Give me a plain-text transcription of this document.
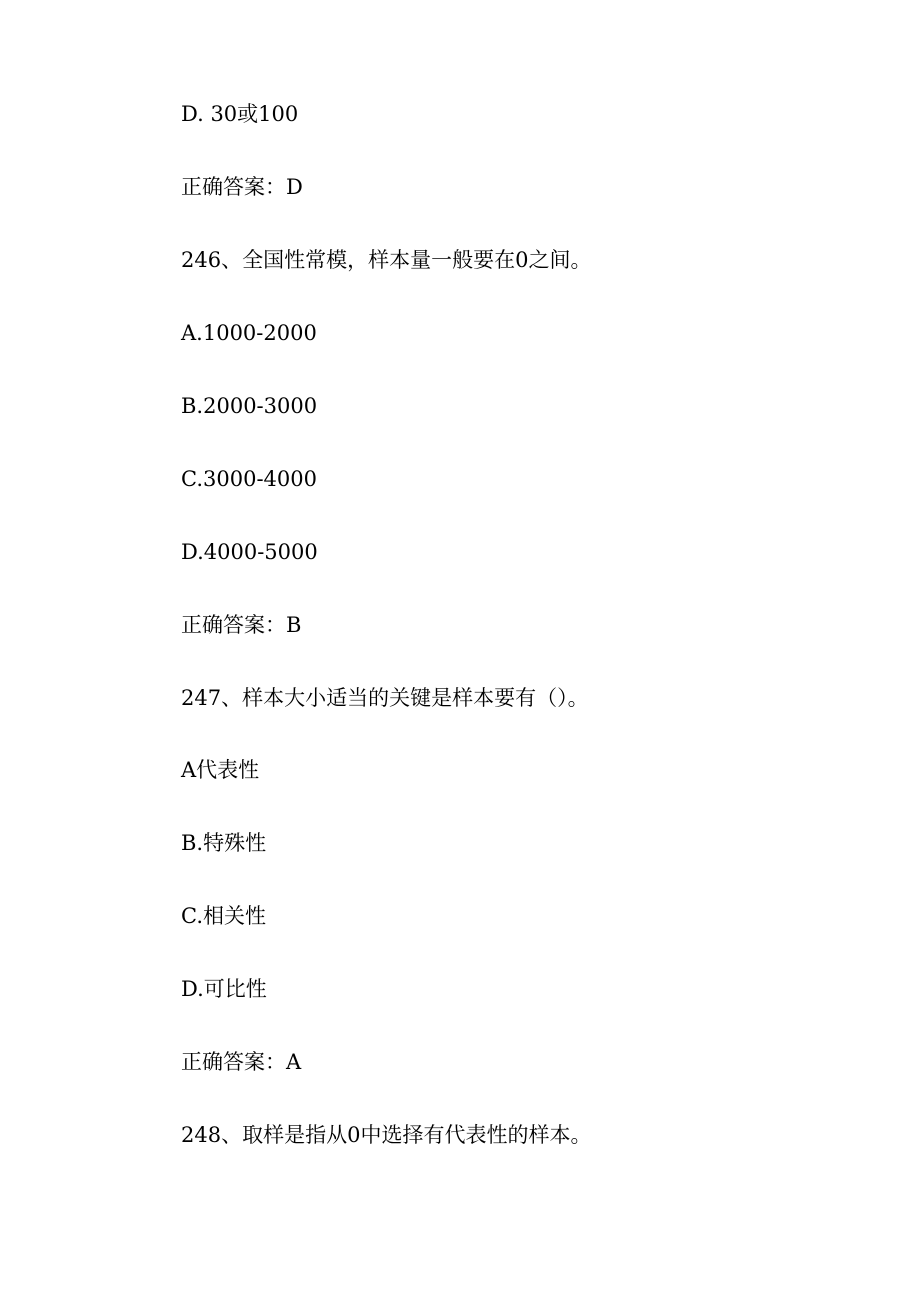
D. 30或100
正确答案：D
246、全国性常模，样本量一般要在0之间。
A.1000-2000
B.2000-3000
C.3000-4000
D.4000-5000
正确答案：B
247、样本大小适当的关键是样本要有（）。
A代表性
B.特殊性
C.相关性
D.可比性
正确答案：A
248、取样是指从0中选择有代表性的样本。
